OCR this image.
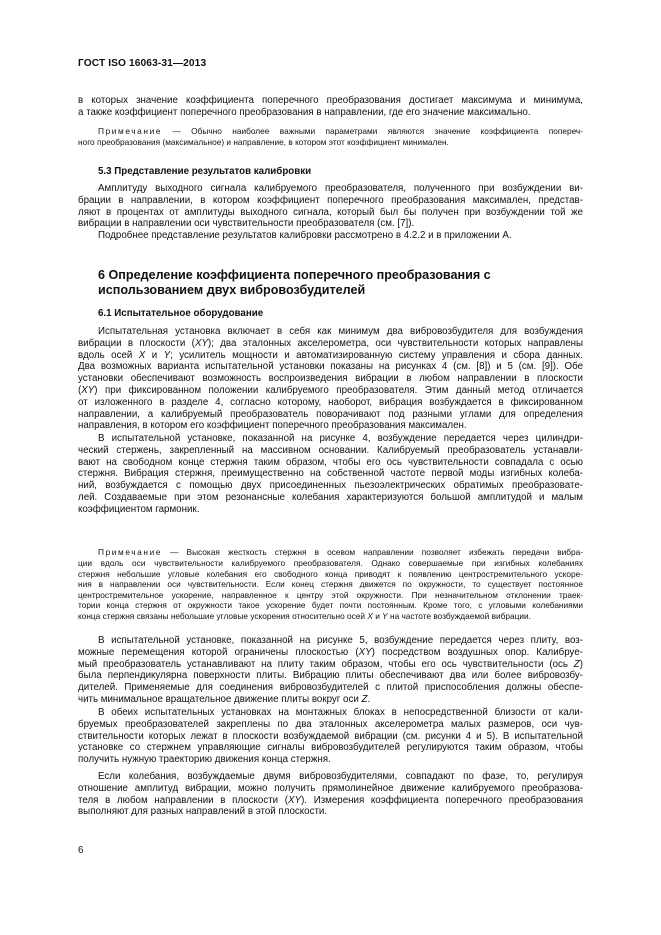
ГОСТ ISO 16063-31—2013

в которых значение коэффициента поперечного преобразования достигает максимума и минимума,
а также коэффициент поперечного преобразования в направлении, где его значение максимально.

Примечание — Обычно наиболее важными параметрами являются значение коэффициента попереч-

ного преобразования (максимальное) и направление, в котором этот коэффициент минимален.

5.3 Представление результатов калибровки

Амплитуду выходного сигнала калибруемого преобразователя, полученного при возбуждении ви-
брации в направлении, в котором коэффициент поперечного преобразования максимален, представ-
ляют в процентах от амплитуды выходного сигнала, который был бы получен при возбуждении той же
вибрации в направлении оси чувствительности преобразователя (см. [7]).
Подробнее представление результатов калибровки рассмотрено в 4.2.2 и в приложении А.

6 Определение коэффициента поперечного преобразования с
использованием двух вибровозбудителей

6.1 Испытательное оборудование

Испытательная установка включает в себя как минимум два вибровозбудителя для возбуждения
вибрации в плоскости (XY); два эталонных акселерометра, оси чувствительности которых направлены
вдоль осей X и Y; усилитель мощности и автоматизированную систему управления и сбора данных.
Два возможных варианта испытательной установки показаны на рисунках 4 (см. [8]) и 5 (см. [9]). Обе
установки обеспечивают возможность воспроизведения вибрации в любом направлении в плоскости
(XY) при фиксированном положении калибруемого преобразователя. Этим данный метод отличается
от изложенного в разделе 4, согласно которому, наоборот, вибрация возбуждается в фиксированном
направлении, а калибруемый преобразователь поворачивают под разными углами для определения
направления, в котором его коэффициент поперечного преобразования максимален.

В испытательной установке, показанной на рисунке 4, возбуждение передается через цилиндри-
ческий стержень, закрепленный на массивном основании. Калибруемый преобразователь устанавли-
вают на свободном конце стержня таким образом, чтобы его ось чувствительности совпадала с осью
стержня. Вибрация стержня, преимущественно на собственной частоте первой моды изгибных колеба-
ний, возбуждается с помощью двух присоединенных пьезоэлектрических обратимых преобразовате-
лей. Создаваемые при этом резонансные колебания характеризуются большой амплитудой и малым
коэффициентом гармоник.

Примечание — Высокая жесткость стержня в осевом направлении позволяет избежать передачи вибра-

ции вдоль оси чувствительности калибруемого преобразователя. Однако совершаемые при изгибных колебаниях
стержня небольшие угловые колебания его свободного конца приводят к появлению центростремительного ускоре-
ния в направлении оси чувствительности. Если конец стержня движется по окружности, то существует постоянное
центростремительное ускорение, направленное к центру этой окружности. При незначительном отклонении траек-
тории конца стержня от окружности такое ускорение будет почти постоянным. Кроме того, с угловыми колебаниями
конца стержня связаны небольшие угловые ускорения относительно осей X и Y на частоте возбуждаемой вибрации.

В испытательной установке, показанной на рисунке 5, возбуждение передается через плиту, воз-
можные перемещения которой ограничены плоскостью (XY) посредством воздушных опор. Калибруе-
мый преобразователь устанавливают на плиту таким образом, чтобы его ось чувствительности (ось Z)
была перпендикулярна поверхности плиты. Вибрацию плиты обеспечивают два или более вибровозбу-
дителей. Применяемые для соединения вибровозбудителей с плитой приспособления должны обеспе-
чить минимальное вращательное движение плиты вокруг оси Z.

В обеих испытательных установках на монтажных блоках в непосредственной близости от кали-
бруемых преобразователей закреплены по два эталонных акселерометра малых размеров, оси чув-
ствительности которых лежат в плоскости возбуждаемой вибрации (см. рисунки 4 и 5). В испытательной
установке со стержнем управляющие сигналы вибровозбудителей регулируются таким образом, чтобы
получить нужную траекторию движения конца стержня.

Если колебания, возбуждаемые двумя вибровозбудителями, совпадают по фазе, то, регулируя
отношение амплитуд вибрации, можно получить прямолинейное движение калибруемого преобразова-
теля в любом направлении в плоскости (XY). Измерения коэффициента поперечного преобразования
выполняют для разных направлений в этой плоскости.

6
